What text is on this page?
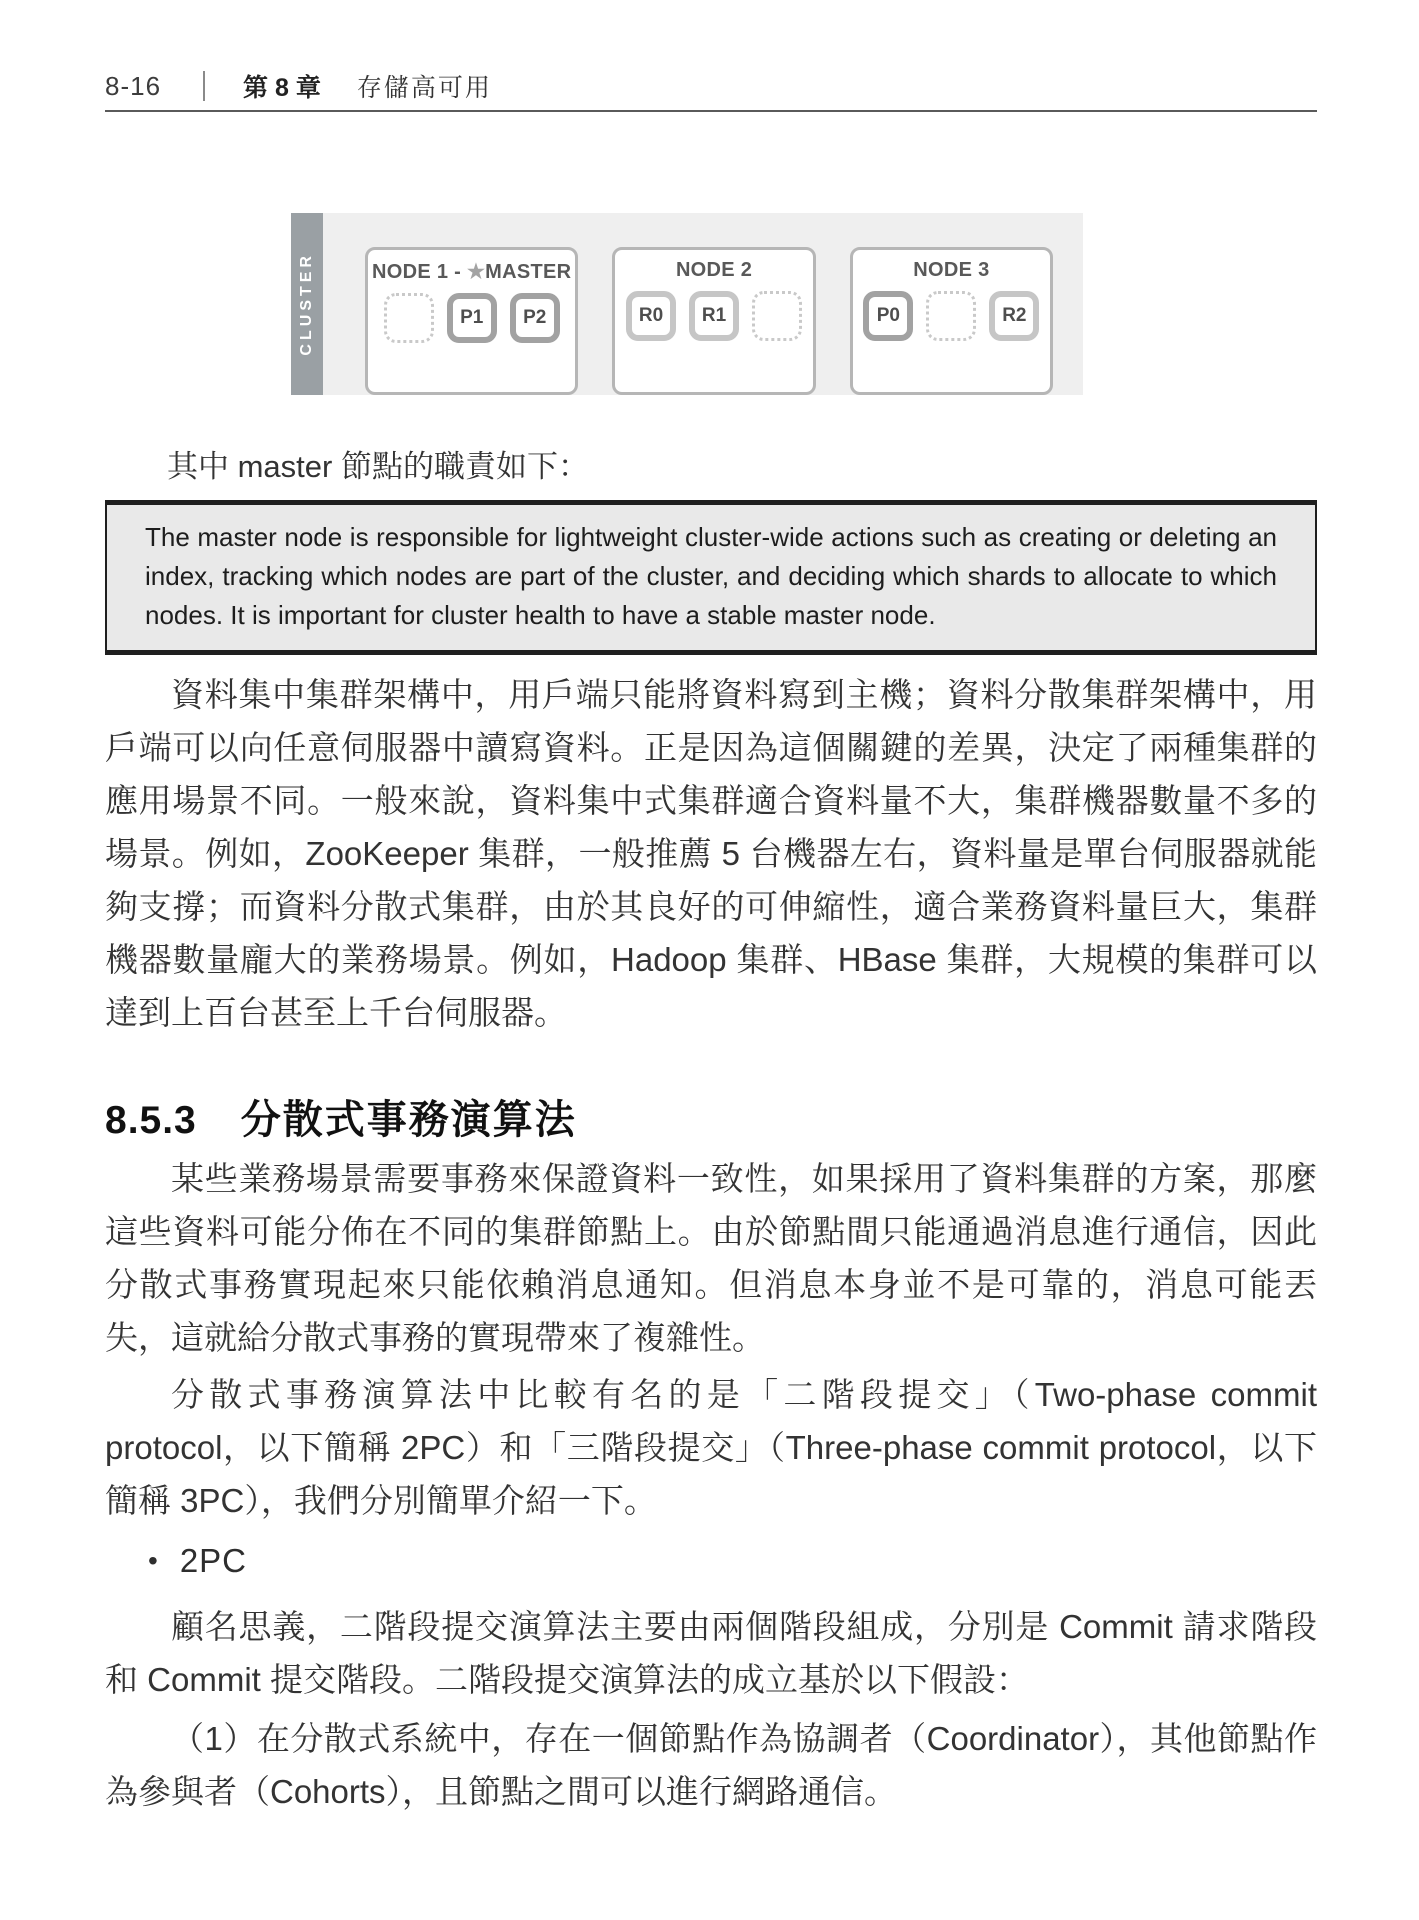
8-16	第 8 章 存儲高可用
CLUSTER	NODE 1 - ★MASTER
P1	P2
NODE 2
R0	R1
NODE 3
P0	R2
其中 master 節點的職責如下：
The master node is responsible for lightweight cluster-wide actions such as creating or deleting an index, tracking which nodes are part of the cluster, and deciding which shards to allocate to which nodes. It is important for cluster health to have a stable master node.
資料集中集群架構中，用戶端只能將資料寫到主機；資料分散集群架構中，用戶端可以向任意伺服器中讀寫資料。正是因為這個關鍵的差異，決定了兩種集群的應用場景不同。一般來說，資料集中式集群適合資料量不大，集群機器數量不多的場景。例如，ZooKeeper 集群，一般推薦 5 台機器左右，資料量是單台伺服器就能夠支撐；而資料分散式集群，由於其良好的可伸縮性，適合業務資料量巨大，集群機器數量龐大的業務場景。例如，Hadoop 集群、HBase 集群，大規模的集群可以達到上百台甚至上千台伺服器。
8.5.3 分散式事務演算法
某些業務場景需要事務來保證資料一致性，如果採用了資料集群的方案，那麼這些資料可能分佈在不同的集群節點上。由於節點間只能通過消息進行通信，因此分散式事務實現起來只能依賴消息通知。但消息本身並不是可靠的，消息可能丟失，這就給分散式事務的實現帶來了複雜性。
分散式事務演算法中比較有名的是「二階段提交」（Two-phase commit protocol，以下簡稱 2PC）和「三階段提交」（Three-phase commit protocol，以下簡稱 3PC），我們分別簡單介紹一下。
• 2PC
顧名思義，二階段提交演算法主要由兩個階段組成，分別是 Commit 請求階段和 Commit 提交階段。二階段提交演算法的成立基於以下假設：
（1）在分散式系統中，存在一個節點作為協調者（Coordinator），其他節點作為參與者（Cohorts），且節點之間可以進行網路通信。
